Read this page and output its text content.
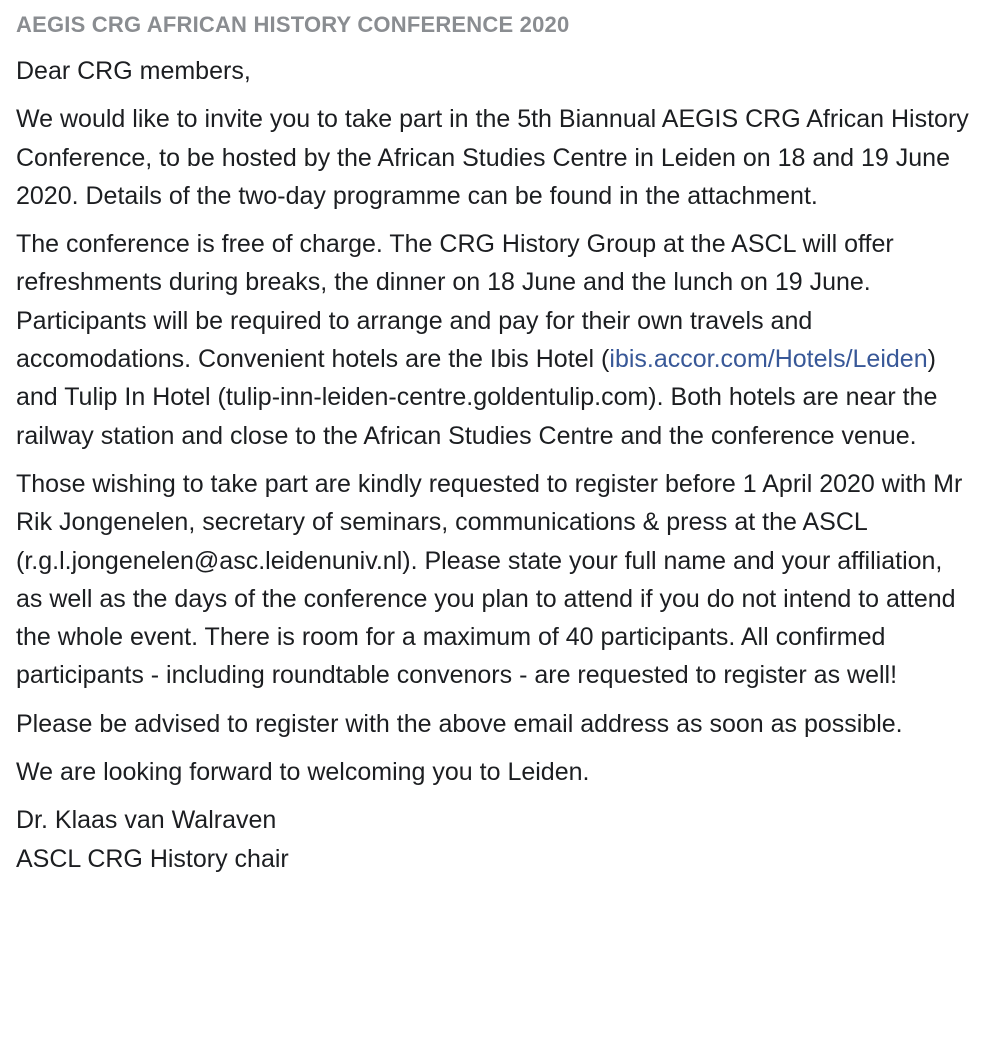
AEGIS CRG AFRICAN HISTORY CONFERENCE 2020

Dear CRG members,

We would like to invite you to take part in the 5th Biannual AEGIS CRG African History Conference, to be hosted by the African Studies Centre in Leiden on 18 and 19 June 2020. Details of the two-day programme can be found in the attachment.

The conference is free of charge. The CRG History Group at the ASCL will offer refreshments during breaks, the dinner on 18 June and the lunch on 19 June. Participants will be required to arrange and pay for their own travels and accomodations. Convenient hotels are the Ibis Hotel (ibis.accor.com/Hotels/Leiden) and Tulip In Hotel (tulip-inn-leiden-centre.goldentulip.com). Both hotels are near the railway station and close to the African Studies Centre and the conference venue.

Those wishing to take part are kindly requested to register before 1 April 2020 with Mr Rik Jongenelen, secretary of seminars, communications & press at the ASCL (r.g.l.jongenelen@asc.leidenuniv.nl). Please state your full name and your affiliation, as well as the days of the conference you plan to attend if you do not intend to attend the whole event. There is room for a maximum of 40 participants. All confirmed participants - including roundtable convenors - are requested to register as well!

Please be advised to register with the above email address as soon as possible.

We are looking forward to welcoming you to Leiden.

Dr. Klaas van Walraven
ASCL CRG History chair
